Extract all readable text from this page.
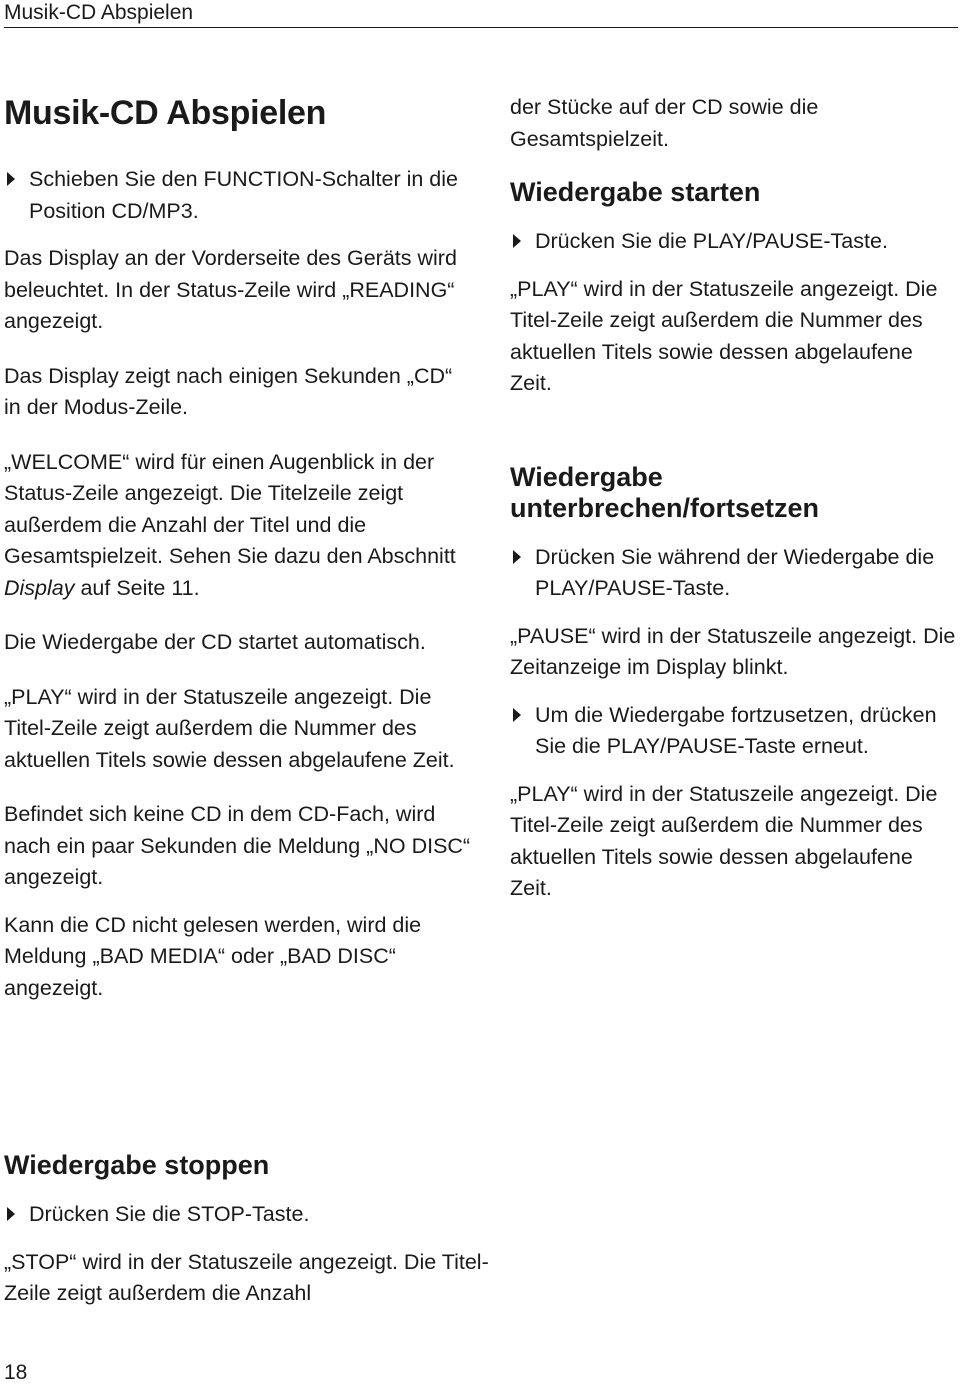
Musik-CD Abspielen
Musik-CD Abspielen
Schieben Sie den FUNCTION-Schalter in die Position CD/MP3.

Das Display an der Vorderseite des Geräts wird beleuchtet. In der Status-Zeile wird „READING“ angezeigt.

Das Display zeigt nach einigen Sekunden „CD“ in der Modus-Zeile.

„WELCOME“ wird für einen Augenblick in der Status-Zeile angezeigt. Die Titelzeile zeigt außerdem die Anzahl der Titel und die Gesamtspielzeit. Sehen Sie dazu den Abschnitt Display auf Seite 11.

Die Wiedergabe der CD startet automatisch.

„PLAY“ wird in der Statuszeile angezeigt. Die Titel-Zeile zeigt außerdem die Nummer des aktuellen Titels sowie dessen abgelaufene Zeit.

Befindet sich keine CD in dem CD-Fach, wird nach ein paar Sekunden die Meldung „NO DISC“ angezeigt.

Kann die CD nicht gelesen werden, wird die Meldung „BAD MEDIA“ oder „BAD DISC“ angezeigt.

der Stücke auf der CD sowie die Gesamtspielzeit.

Wiedergabe starten
Drücken Sie die PLAY/PAUSE-Taste.

„PLAY“ wird in der Statuszeile angezeigt. Die Titel-Zeile zeigt außerdem die Nummer des aktuellen Titels sowie dessen abgelaufene Zeit.

Wiedergabe unterbrechen/fortsetzen
Drücken Sie während der Wiedergabe die PLAY/PAUSE-Taste.

„PAUSE“ wird in der Statuszeile angezeigt. Die Zeitanzeige im Display blinkt.

Um die Wiedergabe fortzusetzen, drücken Sie die PLAY/PAUSE-Taste erneut.

„PLAY“ wird in der Statuszeile angezeigt. Die Titel-Zeile zeigt außerdem die Nummer des aktuellen Titels sowie dessen abgelaufene Zeit.

Wiedergabe stoppen
Drücken Sie die STOP-Taste.

„STOP“ wird in der Statuszeile angezeigt. Die Titel-Zeile zeigt außerdem die Anzahl

18
